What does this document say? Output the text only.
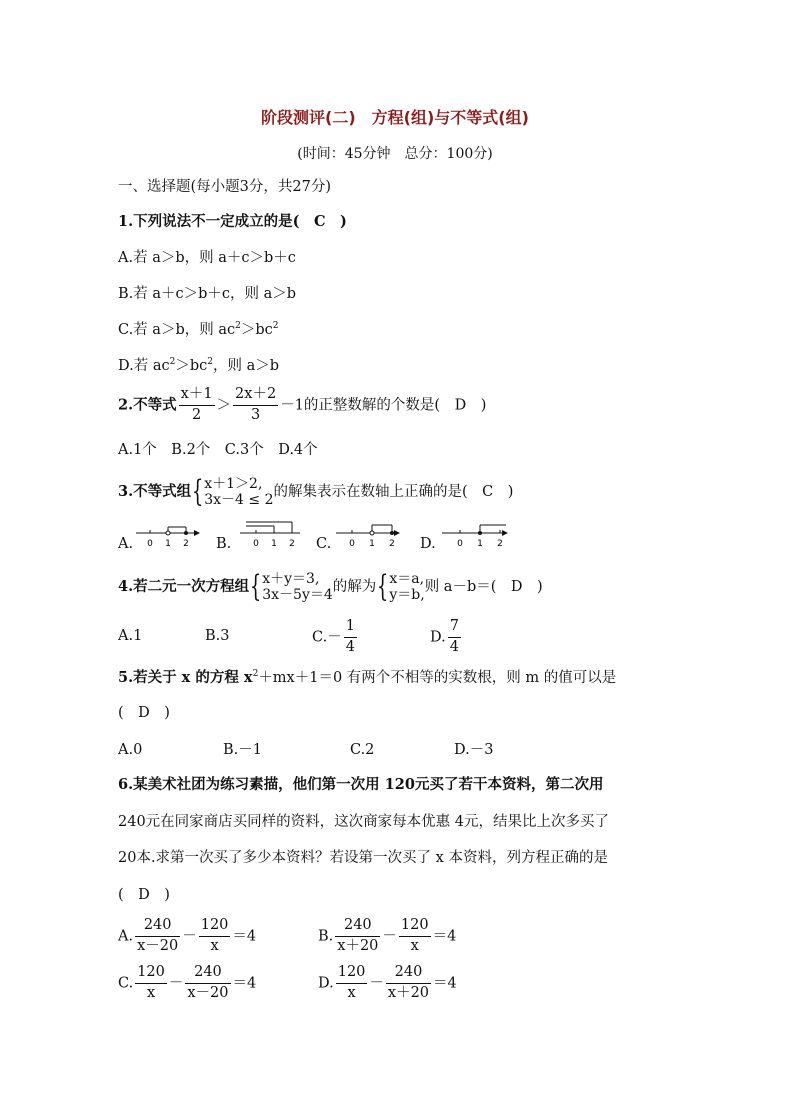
阶段测评(二)　方程(组)与不等式(组)
(时间：45分钟　总分：100分)
一、选择题(每小题3分，共27分)
1.下列说法不一定成立的是(　C　)
A.若 a＞b，则 a＋c＞b＋c
B.若 a＋c＞b＋c，则 a＞b
C.若 a＞b，则 $ac^2>bc^2$
D.若 $ac^2>bc^2$，则 a＞b
2.不等式 $\frac{x+1}{2} > \frac{2x+2}{3} -1$的正整数解的个数是(　D　)
A.1个　B.2个　C.3个　D.4个
3.不等式组{x＋1＞2,
3x－4 ≤ 2的解集表示在数轴上正确的是(　C　)
A. 0 1 2 B. 0 1 2 C. 0 1 2 D. 0 1 2
4.若二元一次方程组{x＋y＝3,
3x－5y＝4的解为{x＝a,
y＝b,则 a－b＝(　D　)
A.1	B.3	$C.- \frac{1}{4}$	D. $\frac{7}{4}$
5.若关于 x 的方程 $x^2+mx+1=0$ 有两个不相等的实数根，则 m 的值可以是
(　D　)
A.0	B.－1	C.2	D.－3
6.某美术社团为练习素描，他们第一次用 120元买了若干本资料，第二次用
240元在同家商店买同样的资料，这次商家每本优惠 4元，结果比上次多买了
20本.求第一次买了多少本资料？若设第一次买了 x 本资料，列方程正确的是
(　D　)
A. $\frac{240}{x-20} - \frac{120}{x} =4$	B. $\frac{240}{x+20} - \frac{120}{x} =4$
C. $\frac{120}{x} - \frac{240}{x-20} =4$	D. $\frac{120}{x} - \frac{240}{x+20} =4$
